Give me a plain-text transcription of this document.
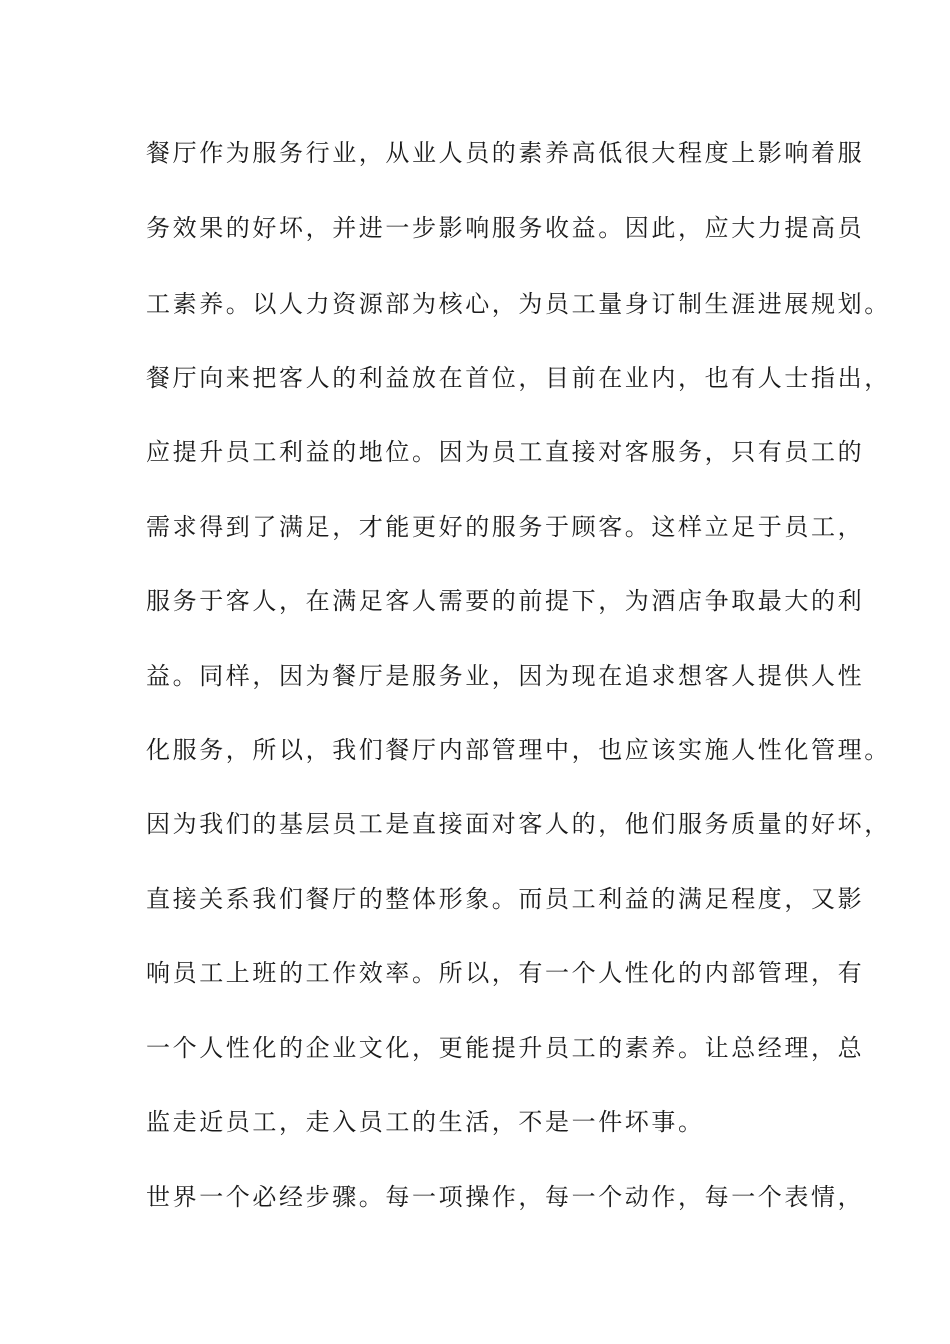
餐厅作为服务行业，从业人员的素养高低很大程度上影响着服
务效果的好坏，并进一步影响服务收益。因此，应大力提高员
工素养。以人力资源部为核心，为员工量身订制生涯进展规划。
餐厅向来把客人的利益放在首位，目前在业内，也有人士指出，
应提升员工利益的地位。因为员工直接对客服务，只有员工的
需求得到了满足，才能更好的服务于顾客。这样立足于员工，
服务于客人，在满足客人需要的前提下，为酒店争取最大的利
益。同样，因为餐厅是服务业，因为现在追求想客人提供人性
化服务，所以，我们餐厅内部管理中，也应该实施人性化管理。
因为我们的基层员工是直接面对客人的，他们服务质量的好坏，
直接关系我们餐厅的整体形象。而员工利益的满足程度，又影
响员工上班的工作效率。所以，有一个人性化的内部管理，有
一个人性化的企业文化，更能提升员工的素养。让总经理，总
监走近员工，走入员工的生活，不是一件坏事。
世界一个必经步骤。每一项操作，每一个动作，每一个表情，
